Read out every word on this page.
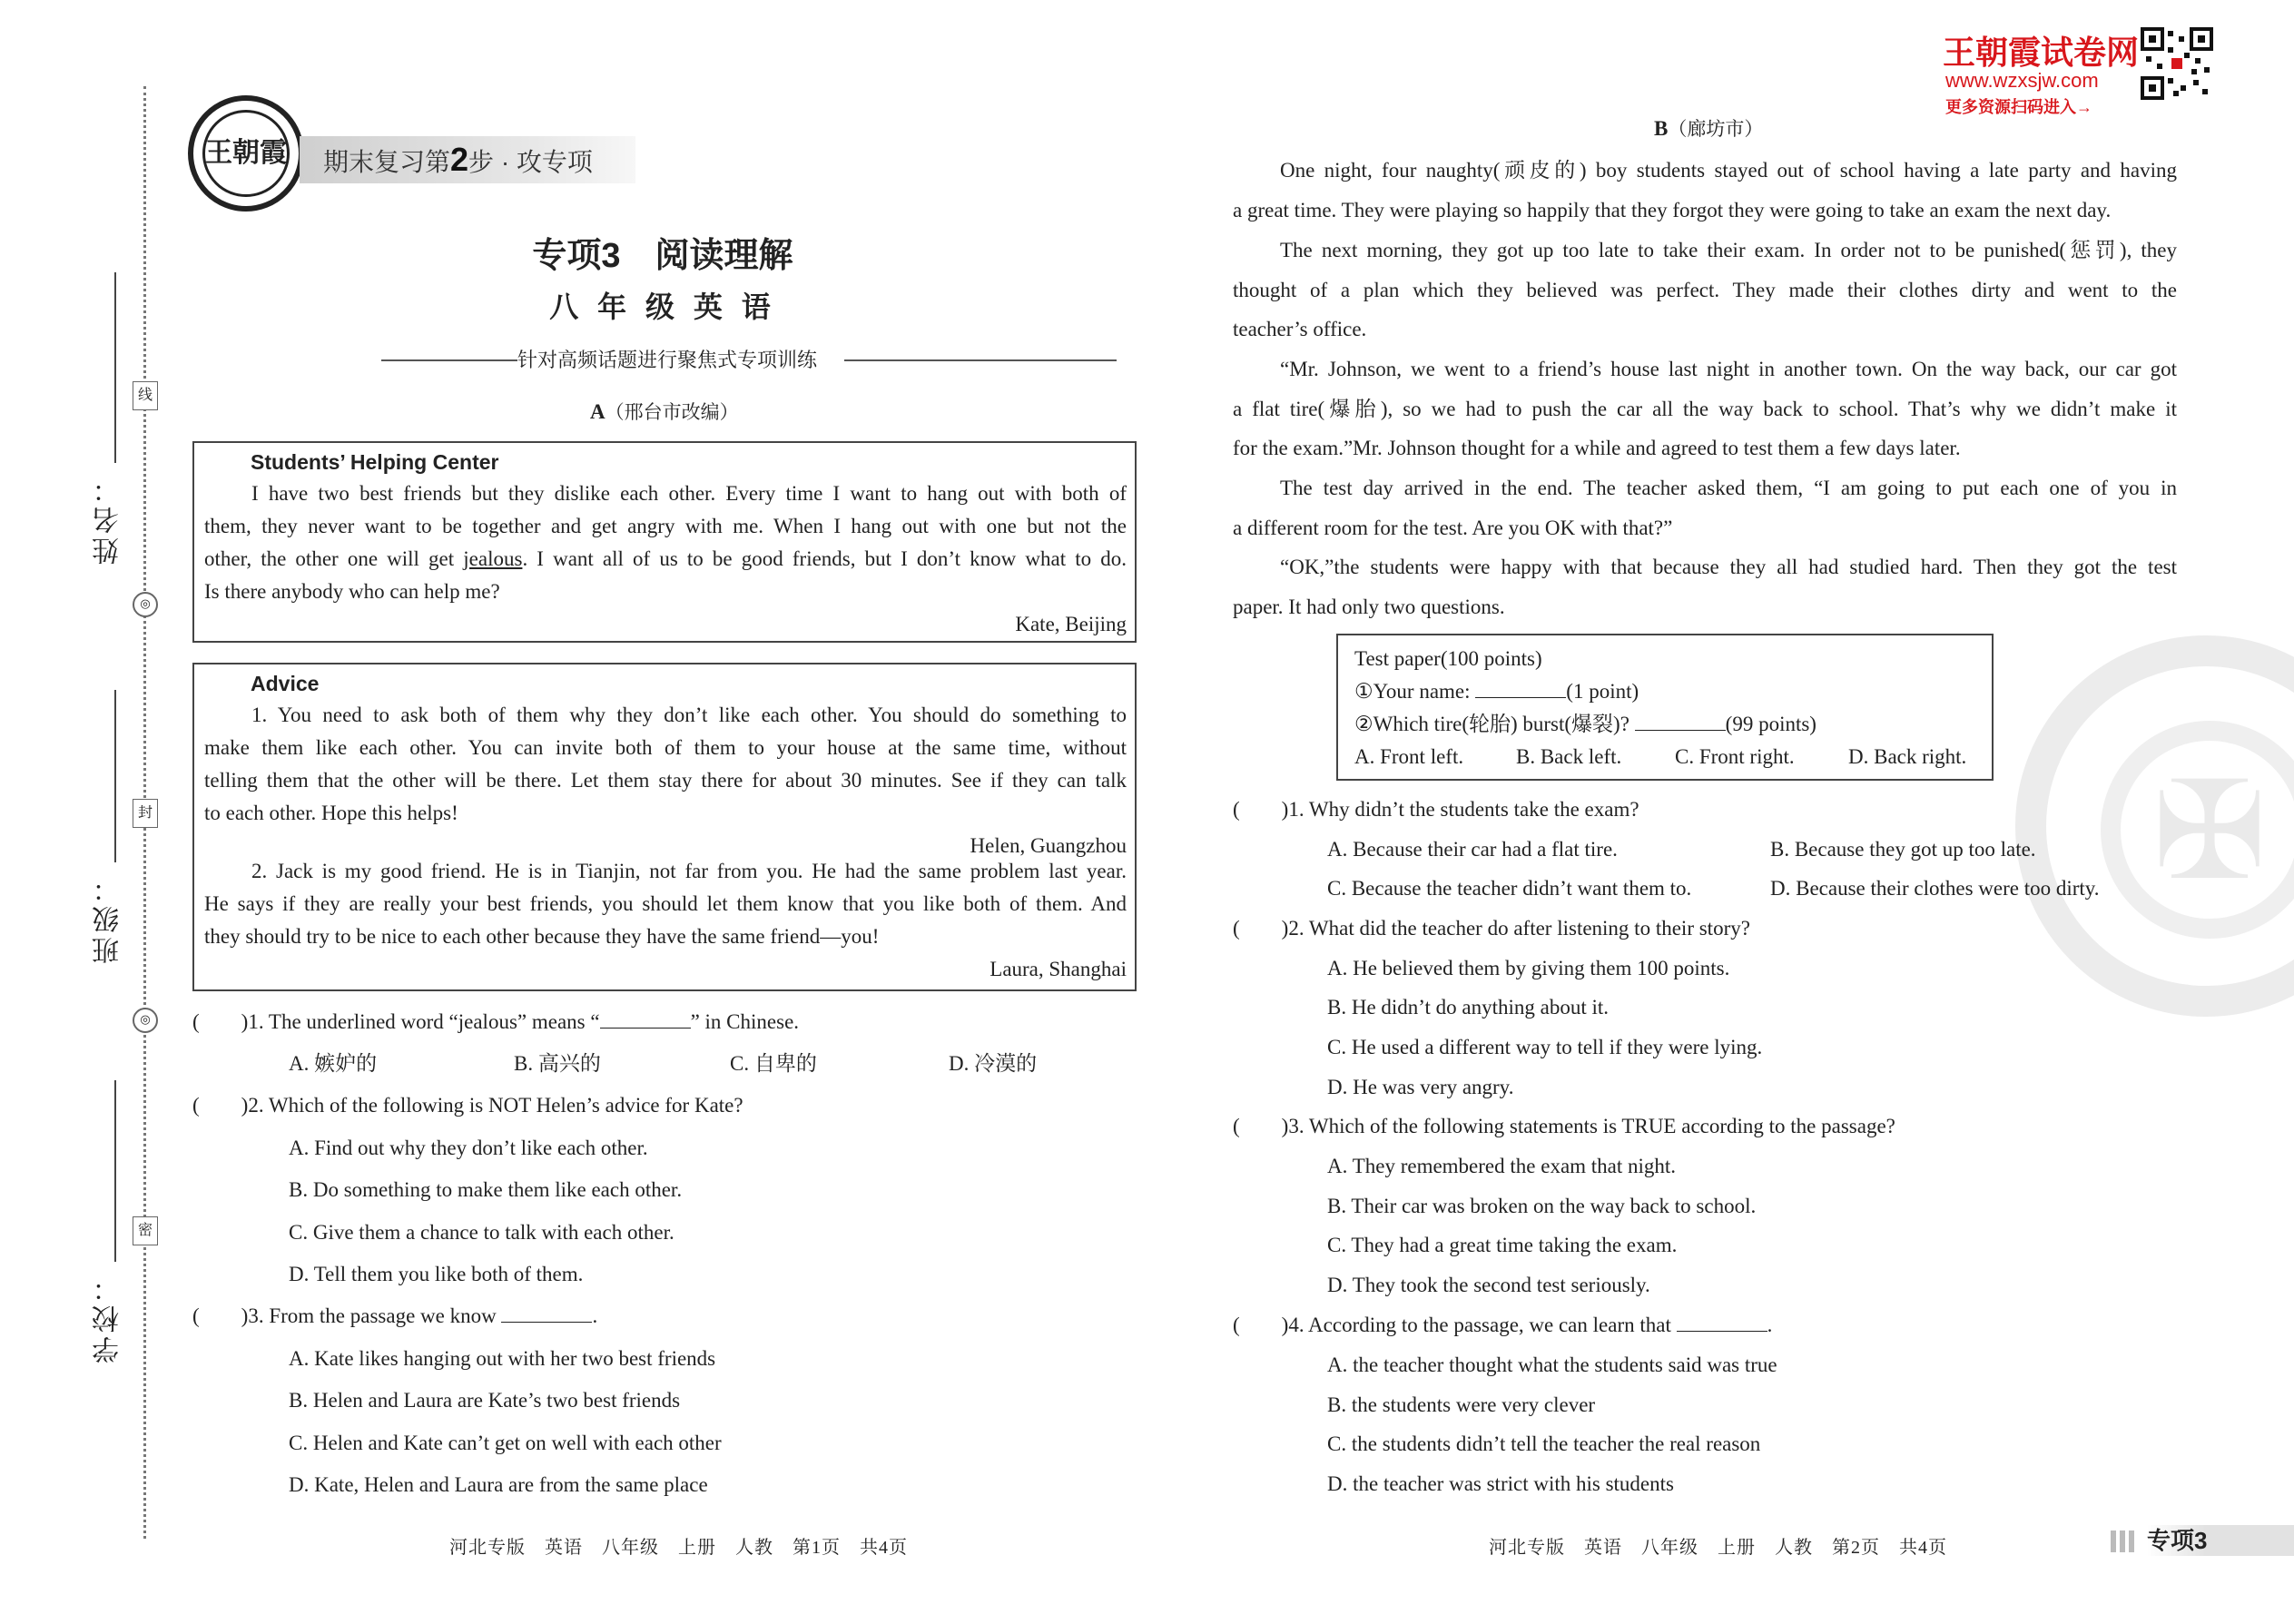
姓名：
班级：
学校：
线
◎
封
◎
密
王朝霞	期末复习第2步 · 攻专项
专项3　阅读理解
八 年 级 英 语
针对高频话题进行聚焦式专项训练
王朝霞试卷网
www.wzxsjw.com
更多资源扫码进入→
✠
A（邢台市改编）
Students’ Helping Center
I have two best friends but they dislike each other. Every time I want to hang out with both of
them, they never want to be together and get angry with me. When I hang out with one but not the
other, the other one will get jealous. I want all of us to be good friends, but I don’t know what to do.
Is there anybody who can help me?
Kate, Beijing
Advice
1. You need to ask both of them why they don’t like each other. You should do something to
make them like each other. You can invite both of them to your house at the same time, without
telling them that the other will be there. Let them stay there for about 30 minutes. See if they can talk
to each other. Hope this helps!
Helen, Guangzhou
2. Jack is my good friend. He is in Tianjin, not far from you. He had the same problem last year.
He says if they are really your best friends, you should let them know that you like both of them. And
they should try to be nice to each other because they have the same friend—you!
Laura, Shanghai
(　　)1. The underlined word “jealous” means “	” in Chinese.
A. 嫉妒的	B. 高兴的	C. 自卑的	D. 冷漠的
(　　)2. Which of the following is NOT Helen’s advice for Kate?
A. Find out why they don’t like each other.
B. Do something to make them like each other.
C. Give them a chance to talk with each other.
D. Tell them you like both of them.
(　　)3. From the passage we know	.
A. Kate likes hanging out with her two best friends
B. Helen and Laura are Kate’s two best friends
C. Helen and Kate can’t get on well with each other
D. Kate, Helen and Laura are from the same place
河北专版　英语　八年级　上册　人教　第1页　共4页
B（廊坊市）
One night, four naughty(顽皮的) boy students stayed out of school having a late party and having
a great time. They were playing so happily that they forgot they were going to take an exam the next day.
The next morning, they got up too late to take their exam. In order not to be punished(惩罚), they
thought of a plan which they believed was perfect. They made their clothes dirty and went to the
teacher’s office.
“Mr. Johnson, we went to a friend’s house last night in another town. On the way back, our car got
a flat tire(爆胎), so we had to push the car all the way back to school. That’s why we didn’t make it
for the exam.”Mr. Johnson thought for a while and agreed to test them a few days later.
The test day arrived in the end. The teacher asked them, “I am going to put each one of you in
a different room for the test. Are you OK with that?”
“OK,”the students were happy with that because they all had studied hard. Then they got the test
paper. It had only two questions.
Test paper(100 points)
①Your name:	(1 point)
②Which tire(轮胎) burst(爆裂)?	(99 points)
A. Front left.	B. Back left.	C. Front right.	D. Back right.
(　　)1. Why didn’t the students take the exam?
A. Because their car had a flat tire.	B. Because they got up too late.
C. Because the teacher didn’t want them to.	D. Because their clothes were too dirty.
(　　)2. What did the teacher do after listening to their story?
A. He believed them by giving them 100 points.
B. He didn’t do anything about it.
C. He used a different way to tell if they were lying.
D. He was very angry.
(　　)3. Which of the following statements is TRUE according to the passage?
A. They remembered the exam that night.
B. Their car was broken on the way back to school.
C. They had a great time taking the exam.
D. They took the second test seriously.
(　　)4. According to the passage, we can learn that	.
A. the teacher thought what the students said was true
B. the students were very clever
C. the students didn’t tell the teacher the real reason
D. the teacher was strict with his students
河北专版　英语　八年级　上册　人教　第2页　共4页	专项3
